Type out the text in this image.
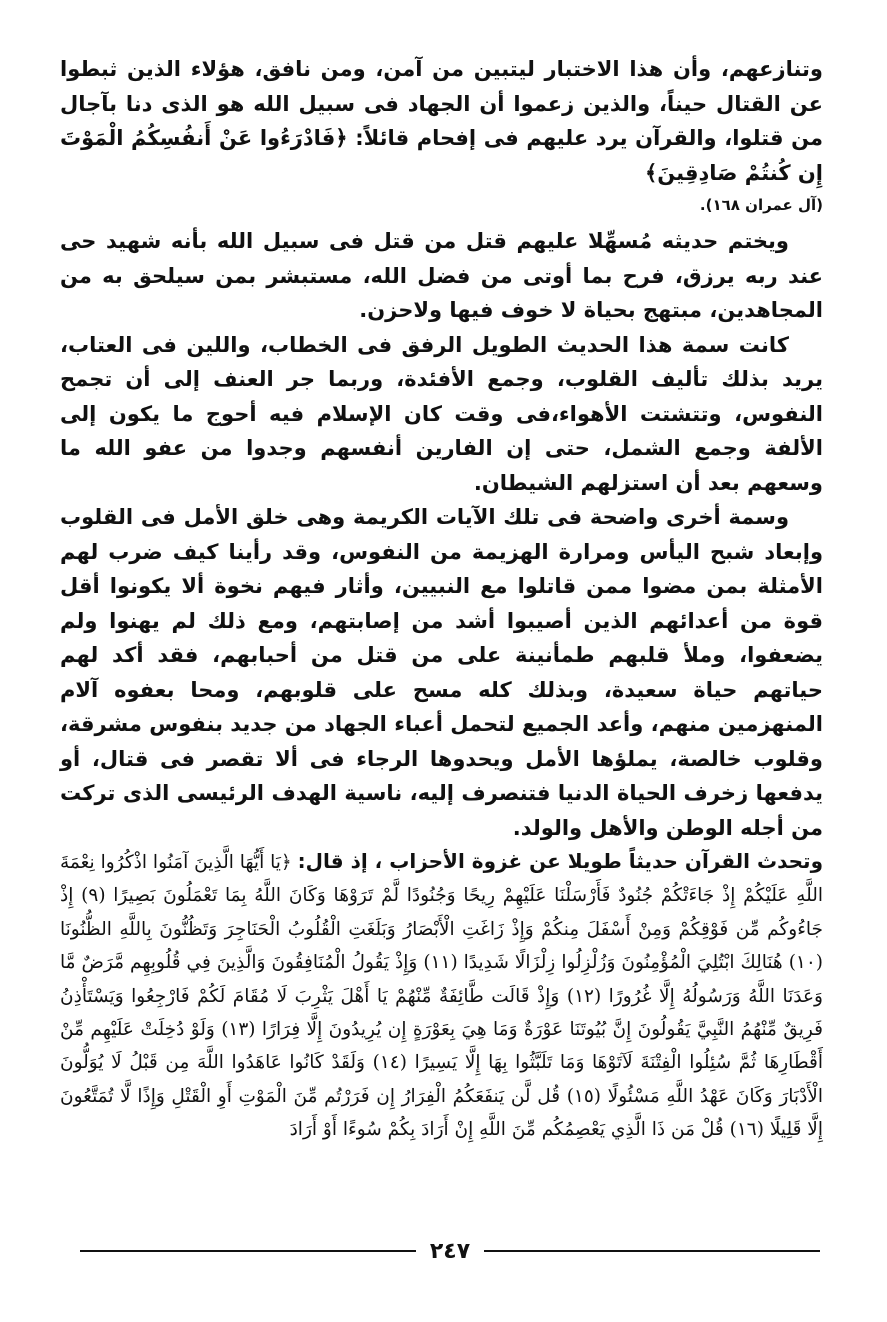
وتنازعهم، وأن هذا الاختبار ليتبين من آمن، ومن نافق، هؤلاء الذين ثبطوا عن القتال حيناً، والذين زعموا أن الجهاد فى سبيل الله هو الذى دنا بآجال من قتلوا، والقرآن يرد عليهم فى إفحام قائلاً: ﴿فَادْرَءُوا عَنْ أَنفُسِكُمُ الْمَوْتَ إِن كُنتُمْ صَادِقِينَ﴾

(آل عمران ١٦٨).

ويختم حديثه مُسهِّلا عليهم قتل من قتل فى سبيل الله بأنه شهيد حى عند ربه يرزق، فرح بما أوتى من فضل الله، مستبشر بمن سيلحق به من المجاهدين، مبتهج بحياة لا خوف فيها ولاحزن.

كانت سمة هذا الحديث الطويل الرفق فى الخطاب، واللين فى العتاب، يريد بذلك تأليف القلوب، وجمع الأفئدة، وربما جر العنف إلى أن تجمح النفوس، وتتشتت الأهواء،فى وقت كان الإسلام فيه أحوج ما يكون إلى الألفة وجمع الشمل، حتى إن الفارين أنفسهم وجدوا من عفو الله ما وسعهم بعد أن استزلهم الشيطان.

وسمة أخرى واضحة فى تلك الآيات الكريمة وهى خلق الأمل فى القلوب وإبعاد شبح اليأس ومرارة الهزيمة من النفوس، وقد رأينا كيف ضرب لهم الأمثلة بمن مضوا ممن قاتلوا مع النبيين، وأثار فيهم نخوة ألا يكونوا أقل قوة من أعدائهم الذين أصيبوا أشد من إصابتهم، ومع ذلك لم يهنوا ولم يضعفوا، وملأ قلبهم طمأنينة على من قتل من أحبابهم، فقد أكد لهم حياتهم حياة سعيدة، وبذلك كله مسح على قلوبهم، ومحا بعفوه آلام المنهزمين منهم، وأعد الجميع لتحمل أعباء الجهاد من جديد بنفوس مشرقة، وقلوب خالصة، يملؤها الأمل ويحدوها الرجاء فى ألا تقصر فى قتال، أو يدفعها زخرف الحياة الدنيا فتنصرف إليه، ناسية الهدف الرئيسى الذى تركت من أجله الوطن والأهل والولد.

وتحدث القرآن حديثاً طويلا عن غزوة الأحزاب ، إذ قال: ﴿يَا أَيُّهَا الَّذِينَ آمَنُوا اذْكُرُوا نِعْمَةَ اللَّهِ عَلَيْكُمْ إِذْ جَاءَتْكُمْ جُنُودٌ فَأَرْسَلْنَا عَلَيْهِمْ رِيحًا وَجُنُودًا لَّمْ تَرَوْهَا وَكَانَ اللَّهُ بِمَا تَعْمَلُونَ بَصِيرًا (٩) إِذْ جَاءُوكُم مِّن فَوْقِكُمْ وَمِنْ أَسْفَلَ مِنكُمْ وَإِذْ زَاغَتِ الْأَبْصَارُ وَبَلَغَتِ الْقُلُوبُ الْحَنَاجِرَ وَتَظُنُّونَ بِاللَّهِ الظُّنُونَا (١٠) هُنَالِكَ ابْتُلِيَ الْمُؤْمِنُونَ وَزُلْزِلُوا زِلْزَالًا شَدِيدًا (١١) وَإِذْ يَقُولُ الْمُنَافِقُونَ وَالَّذِينَ فِي قُلُوبِهِم مَّرَضٌ مَّا وَعَدَنَا اللَّهُ وَرَسُولُهُ إِلَّا غُرُورًا (١٢) وَإِذْ قَالَت طَّائِفَةٌ مِّنْهُمْ يَا أَهْلَ يَثْرِبَ لَا مُقَامَ لَكُمْ فَارْجِعُوا وَيَسْتَأْذِنُ فَرِيقٌ مِّنْهُمُ النَّبِيَّ يَقُولُونَ إِنَّ بُيُوتَنَا عَوْرَةٌ وَمَا هِيَ بِعَوْرَةٍ إِن يُرِيدُونَ إِلَّا فِرَارًا (١٣) وَلَوْ دُخِلَتْ عَلَيْهِم مِّنْ أَقْطَارِهَا ثُمَّ سُئِلُوا الْفِتْنَةَ لَآتَوْهَا وَمَا تَلَبَّثُوا بِهَا إِلَّا يَسِيرًا (١٤) وَلَقَدْ كَانُوا عَاهَدُوا اللَّهَ مِن قَبْلُ لَا يُوَلُّونَ الْأَدْبَارَ وَكَانَ عَهْدُ اللَّهِ مَسْئُولًا (١٥) قُل لَّن يَنفَعَكُمُ الْفِرَارُ إِن فَرَرْتُم مِّنَ الْمَوْتِ أَوِ الْقَتْلِ وَإِذًا لَّا تُمَتَّعُونَ إِلَّا قَلِيلًا (١٦) قُلْ مَن ذَا الَّذِي يَعْصِمُكُم مِّنَ اللَّهِ إِنْ أَرَادَ بِكُمْ سُوءًا أَوْ أَرَادَ

٢٤٧
